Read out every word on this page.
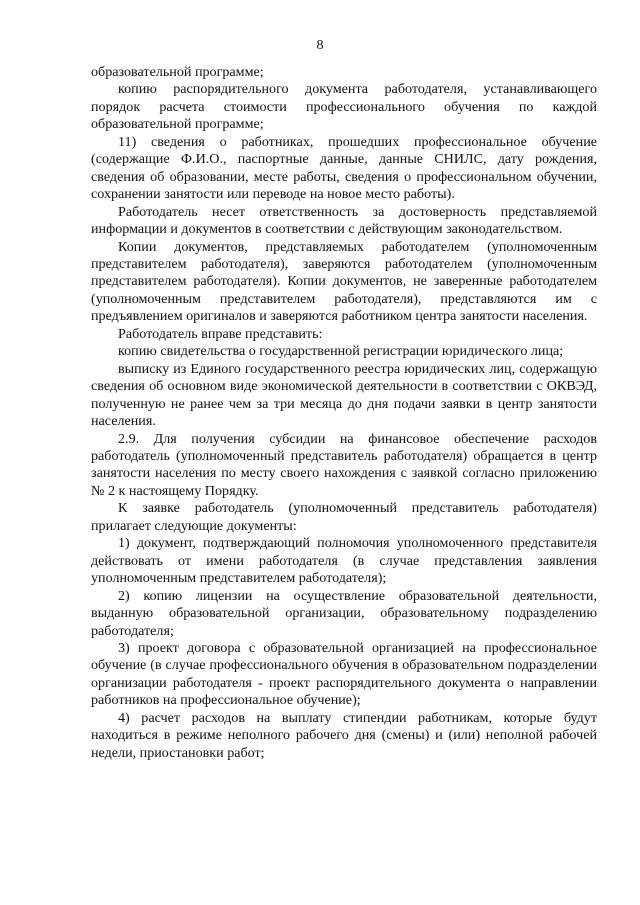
8

образовательной программе;

копию распорядительного документа работодателя, устанавливающего порядок расчета стоимости профессионального обучения по каждой образовательной программе;

11) сведения о работниках, прошедших профессиональное обучение (содержащие Ф.И.О., паспортные данные, данные СНИЛС, дату рождения, сведения об образовании, месте работы, сведения о профессиональном обучении, сохранении занятости или переводе на новое место работы).

Работодатель несет ответственность за достоверность представляемой информации и документов в соответствии с действующим законодательством.

Копии документов, представляемых работодателем (уполномоченным представителем работодателя), заверяются работодателем (уполномоченным представителем работодателя). Копии документов, не заверенные работодателем (уполномоченным представителем работодателя), представляются им с предъявлением оригиналов и заверяются работником центра занятости населения.

Работодатель вправе представить:

копию свидетельства о государственной регистрации юридического лица;

выписку из Единого государственного реестра юридических лиц, содержащую сведения об основном виде экономической деятельности в соответствии с ОКВЭД, полученную не ранее чем за три месяца до дня подачи заявки в центр занятости населения.

2.9. Для получения субсидии на финансовое обеспечение расходов работодатель (уполномоченный представитель работодателя) обращается в центр занятости населения по месту своего нахождения с заявкой согласно приложению № 2 к настоящему Порядку.

К заявке работодатель (уполномоченный представитель работодателя) прилагает следующие документы:

1) документ, подтверждающий полномочия уполномоченного представителя действовать от имени работодателя (в случае представления заявления уполномоченным представителем работодателя);

2) копию лицензии на осуществление образовательной деятельности, выданную образовательной организации, образовательному подразделению работодателя;

3) проект договора с образовательной организацией на профессиональное обучение (в случае профессионального обучения в образовательном подразделении организации работодателя - проект распорядительного документа о направлении работников на профессиональное обучение);

4) расчет расходов на выплату стипендии работникам, которые будут находиться в режиме неполного рабочего дня (смены) и (или) неполной рабочей недели, приостановки работ;
